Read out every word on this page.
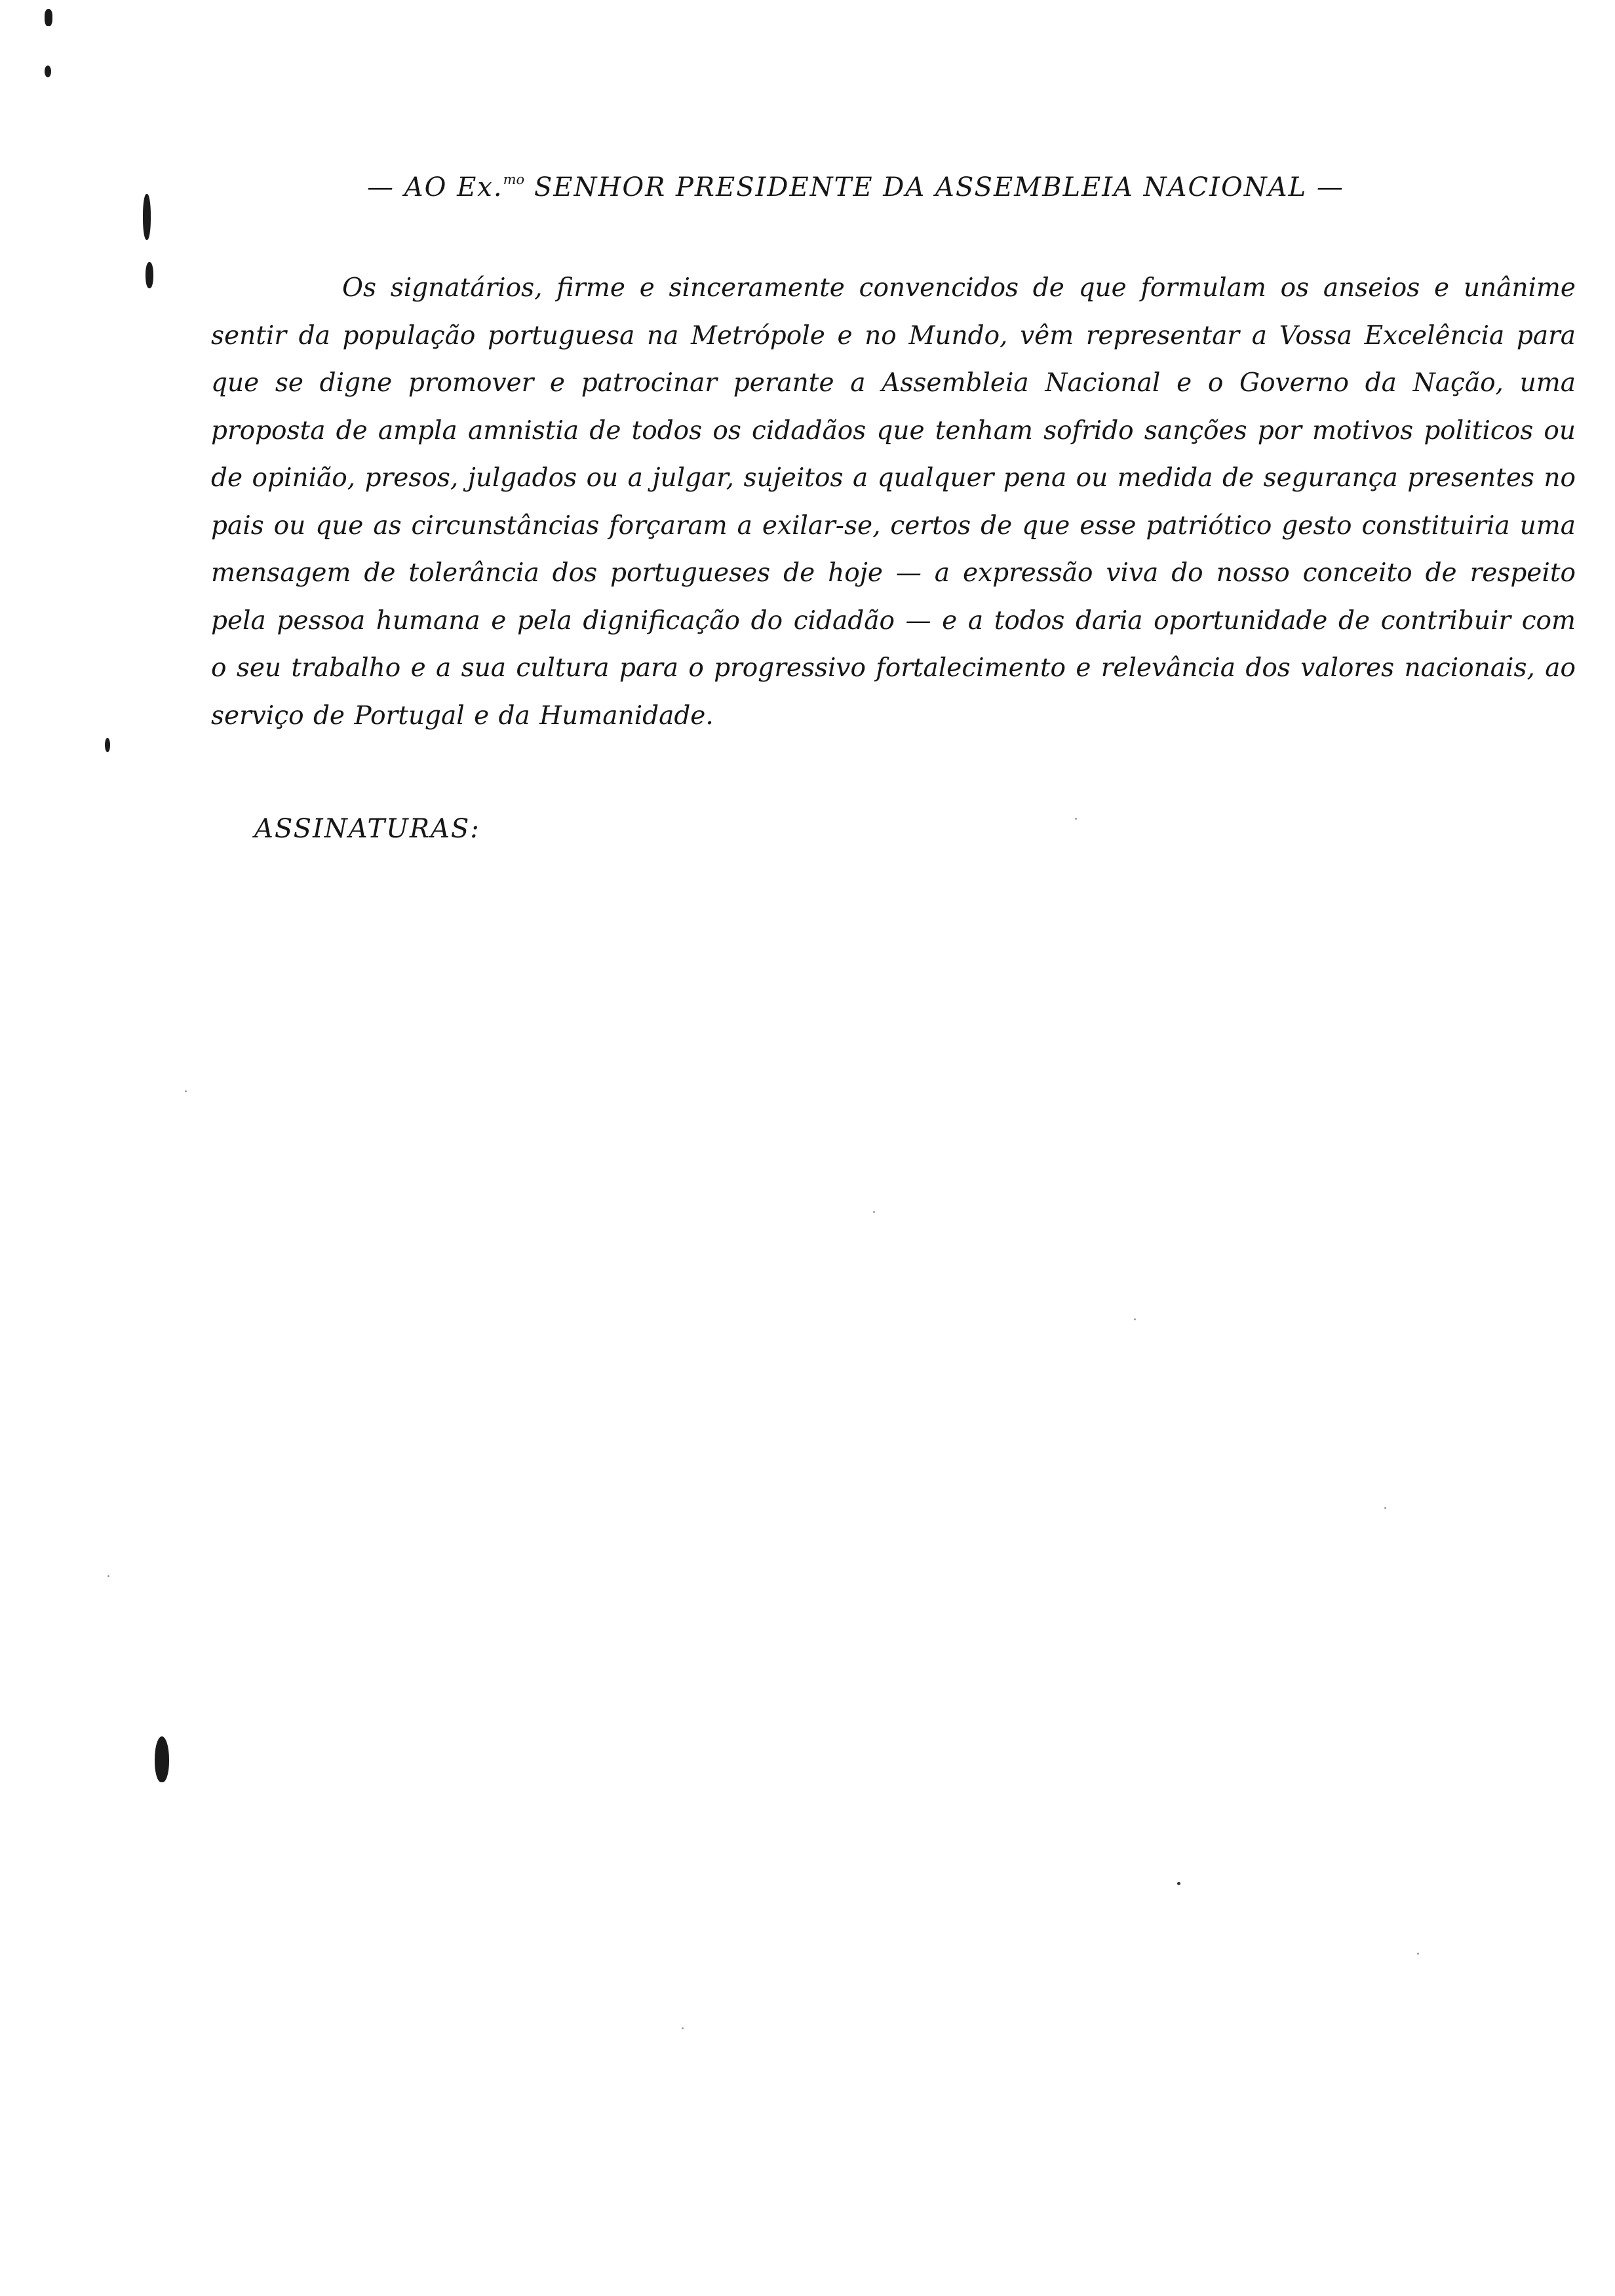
— AO Ex.$^{mo}$ SENHOR PRESIDENTE DA ASSEMBLEIA NACIONAL —
Os signatários, firme e sinceramente convencidos de que formulam os anseios e unânime sentir da população portuguesa na Metrópole e no Mundo, vêm representar a Vossa Excelência para que se digne promover e patrocinar perante a Assembleia Nacional e o Governo da Nação, uma proposta de ampla amnistia de todos os cidadãos que tenham sofrido sanções por motivos politicos ou de opinião, presos, julgados ou a julgar, sujeitos a qualquer pena ou medida de segurança presentes no pais ou que as circunstâncias forçaram a exilar-se, certos de que esse patriótico gesto constituiria uma mensagem de tolerância dos portugueses de hoje — a expressão viva do nosso conceito de respeito pela pessoa humana e pela dignificação do cidadão — e a todos daria oportunidade de contribuir com o seu trabalho e a sua cultura para o progressivo fortalecimento e relevância dos valores nacionais, ao serviço de Portugal e da Humanidade.
ASSINATURAS:
